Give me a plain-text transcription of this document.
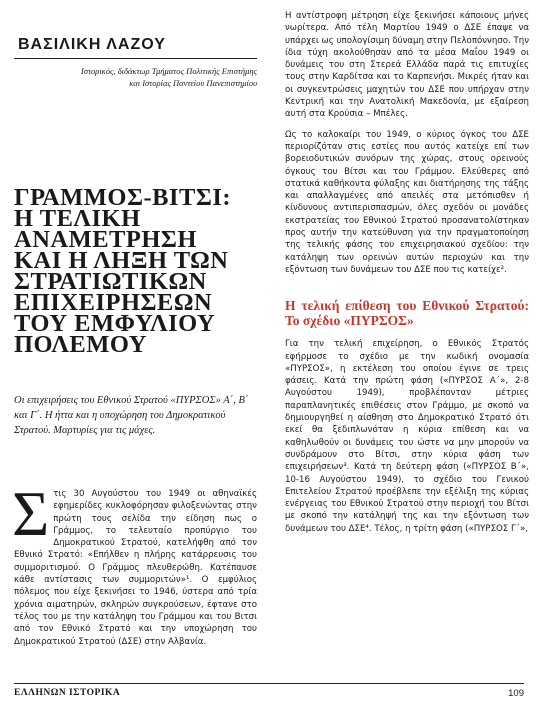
ΒΑΣΙΛΙΚΗ ΛΑΖΟΥ
Ιστορικός, διδάκτωρ Τμήματος Πολιτικής Επιστήμης
και Ιστορίας Παντείου Πανεπιστημίου
ΓΡΑΜΜΟΣ-ΒΙΤΣΙ:
Η ΤΕΛΙΚΗ
ΑΝΑΜΕΤΡΗΣΗ
ΚΑΙ Η ΛΗΞΗ ΤΩΝ
ΣΤΡΑΤΙΩΤΙΚΩΝ
ΕΠΙΧΕΙΡΗΣΕΩΝ
ΤΟΥ ΕΜΦΥΛΙΟΥ
ΠΟΛΕΜΟΥ

Οι επιχειρήσεις του Εθνικού Στρατού «ΠΥΡΣΟΣ» Α΄, Β΄ και Γ΄. Η ήττα και η υποχώρηση του Δημοκρατικού Στρατού. Μαρτυρίες για τις μάχες.

Στις 30 Αυγούστου του 1949 οι αθηναϊκές εφημερίδες κυκλοφόρησαν φιλοξενώντας στην πρώτη τους σελίδα την είδηση πως ο Γράμμος, το τελευταίο προπύργιο του Δημοκρατικού Στρατού, κατελήφθη από τον Εθνικό Στρατό: «Επήλθεν η πλήρης κατάρρευσις του συμμοριτισμού. Ο Γράμμος πλευθερώθη. Κατέπαυσε κάθε αντίστασις των συμμοριτών»¹. Ο εμφύλιος πόλεμος που είχε ξεκινήσει το 1946, ύστερα από τρία χρόνια αιματηρών, σκληρών συγκρούσεων, έφτανε στο τέλος του με την κατάληψη του Γράμμου και του Βιτσι από τον Εθνικό Στρατό και την υποχώρηση του Δημοκρατικού Στρατού (ΔΣΕ) στην Αλβανία.

Η αντίστροφη μέτρηση είχε ξεκινήσει κάποιους μήνες νωρίτερα. Από τέλη Μαρτίου 1949 ο ΔΣΕ έπαψε να υπάρχει ως υπολογίσιμη δύναμη στην Πελοπόννησο. Την ίδια τύχη ακολούθησαν από τα μέσα Μαΐου 1949 οι δυνάμεις του στη Στερεά Ελλάδα παρά τις επιτυχίες τους στην Καρδίτσα και το Καρπενήσι. Μικρές ήταν και οι συγκεντρώσεις μαχητών του ΔΣΕ που υπήρχαν στην Κεντρική και την Ανατολική Μακεδονία, με εξαίρεση αυτή στα Κρούσια – Μπέλες.

Ως το καλοκαίρι του 1949, ο κύριος όγκος του ΔΣΕ περιορίζόταν στις εστίες που αυτός κατείχε επί των βορειοδυτικών συνόρων της χώρας, στους ορεινούς όγκους του Βίτσι και του Γράμμου. Ελεύθερες από στατικά καθήκοντα φύλαξης και διατήρησης της τάξης και απαλλαγμένες από απειλές στα μετόπισθεν ή κίνδυνους αντιπερισπασμών, όλες σχεδόν οι μονάδες εκστρατείας του Εθνικού Στρατού προσανατολίστηκαν προς αυτήν την κατεύθυνση για την πραγματοποίηση της τελικής φάσης του επιχειρησιακού σχεδίου: την κατάληψη των ορεινών αυτών περιοχών και την εξόντωση των δυνάμεων του ΔΣΕ που τις κατείχε².

Η τελική επίθεση του Εθνικού Στρατού: Το σχέδιο «ΠΥΡΣΟΣ»

Για την τελική επιχείρηση, ο Εθνικός Στρατός εφήρμοσε το σχέδιο με την κωδική ονομασία «ΠΥΡΣΟΣ», η εκτέλεση του οποίου έγινε σε τρεις φάσεις. Κατά την πρώτη φάση («ΠΥΡΣΟΣ Α΄», 2-8 Αυγούστου 1949), προβλέπονταν μέτριες παραπλανητικές επιθέσεις στον Γράμμο, με σκοπό να δημιουργηθεί η αίσθηση στο Δημοκρατικό Στρατό ότι εκεί θα ξεδιπλωνόταν η κύρια επίθεση και να καθηλωθούν οι δυνάμεις του ώστε να μην μπορούν να συνδράμουν στο Βίτσι, στην κύρια φάση των επιχειρήσεων³. Κατά τη δεύτερη φάση («ΠΥΡΣΟΣ Β΄», 10-16 Αυγούστου 1949), το σχέδιο του Γενικού Επιτελείου Στρατού προέβλεπε την εξέλιξη της κύριας ενέργειας του Εθνικού Στρατού στην περιοχή του Βίτσι με σκοπό την κατάληψή της και την εξόντωση των δυνάμεων του ΔΣΕ⁴. Τέλος, η τρίτη φάση («ΠΥΡΣΟΣ Γ΄»,

ΕΛΛΗΝΩΝ ΙΣΤΟΡΙΚΑ	109
